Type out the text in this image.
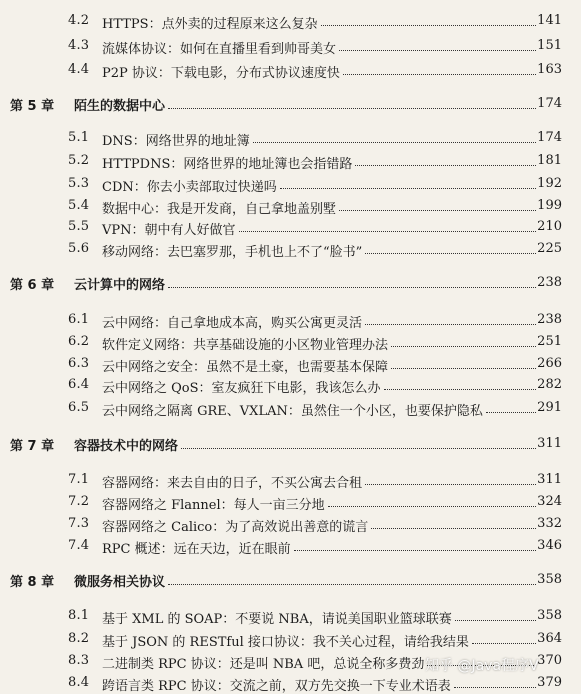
4.2 HTTPS：点外卖的过程原来这么复杂	141
4.3 流媒体协议：如何在直播里看到帅哥美女	151
4.4 P2P 协议：下载电影，分布式协议速度快	163
第 5 章 陌生的数据中心	174
5.1 DNS：网络世界的地址簿	174
5.2 HTTPDNS：网络世界的地址簿也会指错路	181
5.3 CDN：你去小卖部取过快递吗	192
5.4 数据中心：我是开发商，自己拿地盖别墅	199
5.5 VPN：朝中有人好做官	210
5.6 移动网络：去巴塞罗那，手机也上不了“脸书”	225
第 6 章 云计算中的网络	238
6.1 云中网络：自己拿地成本高，购买公寓更灵活	238
6.2 软件定义网络：共享基础设施的小区物业管理办法	251
6.3 云中网络之安全：虽然不是土豪，也需要基本保障	266
6.4 云中网络之 QoS：室友疯狂下电影，我该怎么办	282
6.5 云中网络之隔离 GRE、VXLAN：虽然住一个小区，也要保护隐私	291
第 7 章 容器技术中的网络	311
7.1 容器网络：来去自由的日子，不买公寓去合租	311
7.2 容器网络之 Flannel：每人一亩三分地	324
7.3 容器网络之 Calico：为了高效说出善意的谎言	332
7.4 RPC 概述：远在天边，近在眼前	346
第 8 章 微服务相关协议	358
8.1 基于 XML 的 SOAP：不要说 NBA，请说美国职业篮球联赛	358
8.2 基于 JSON 的 RESTful 接口协议：我不关心过程，请给我结果	364
8.3 二进制类 RPC 协议：还是叫 NBA 吧，总说全称多费劲	370
8.4 跨语言类 RPC 协议：交流之前，双方先交换一下专业术语表	379
知乎 @Java程序V
